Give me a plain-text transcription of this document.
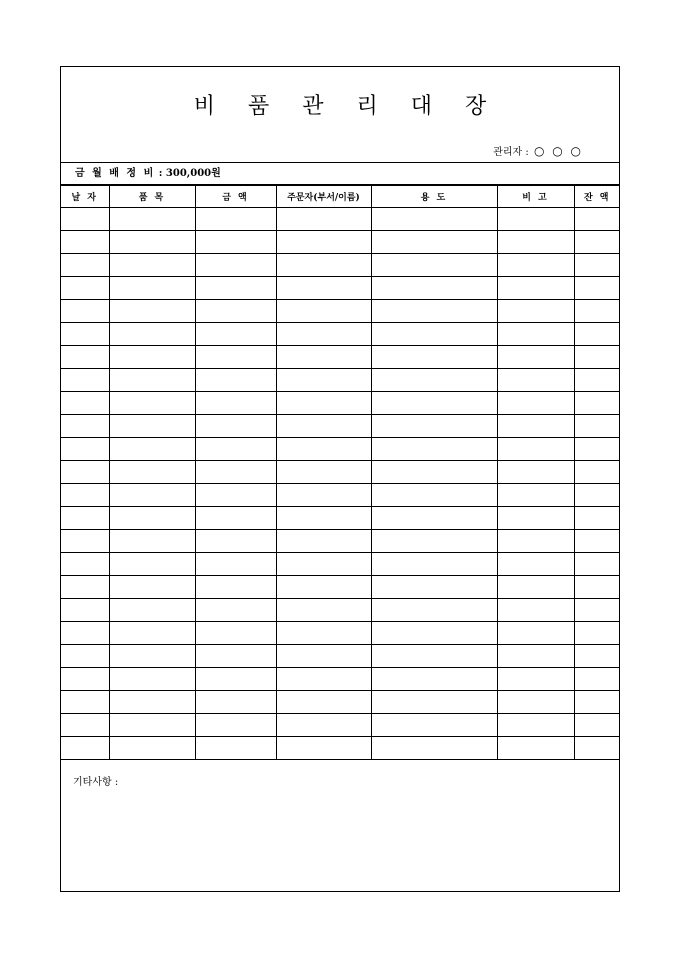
비 품 관 리 대 장
관리자 : ○ ○ ○
금 월 배 정 비 : 300,000원
날 자	품 목	금 액	주문자(부서/이름)	용 도	비 고	잔 액

기타사항 :
